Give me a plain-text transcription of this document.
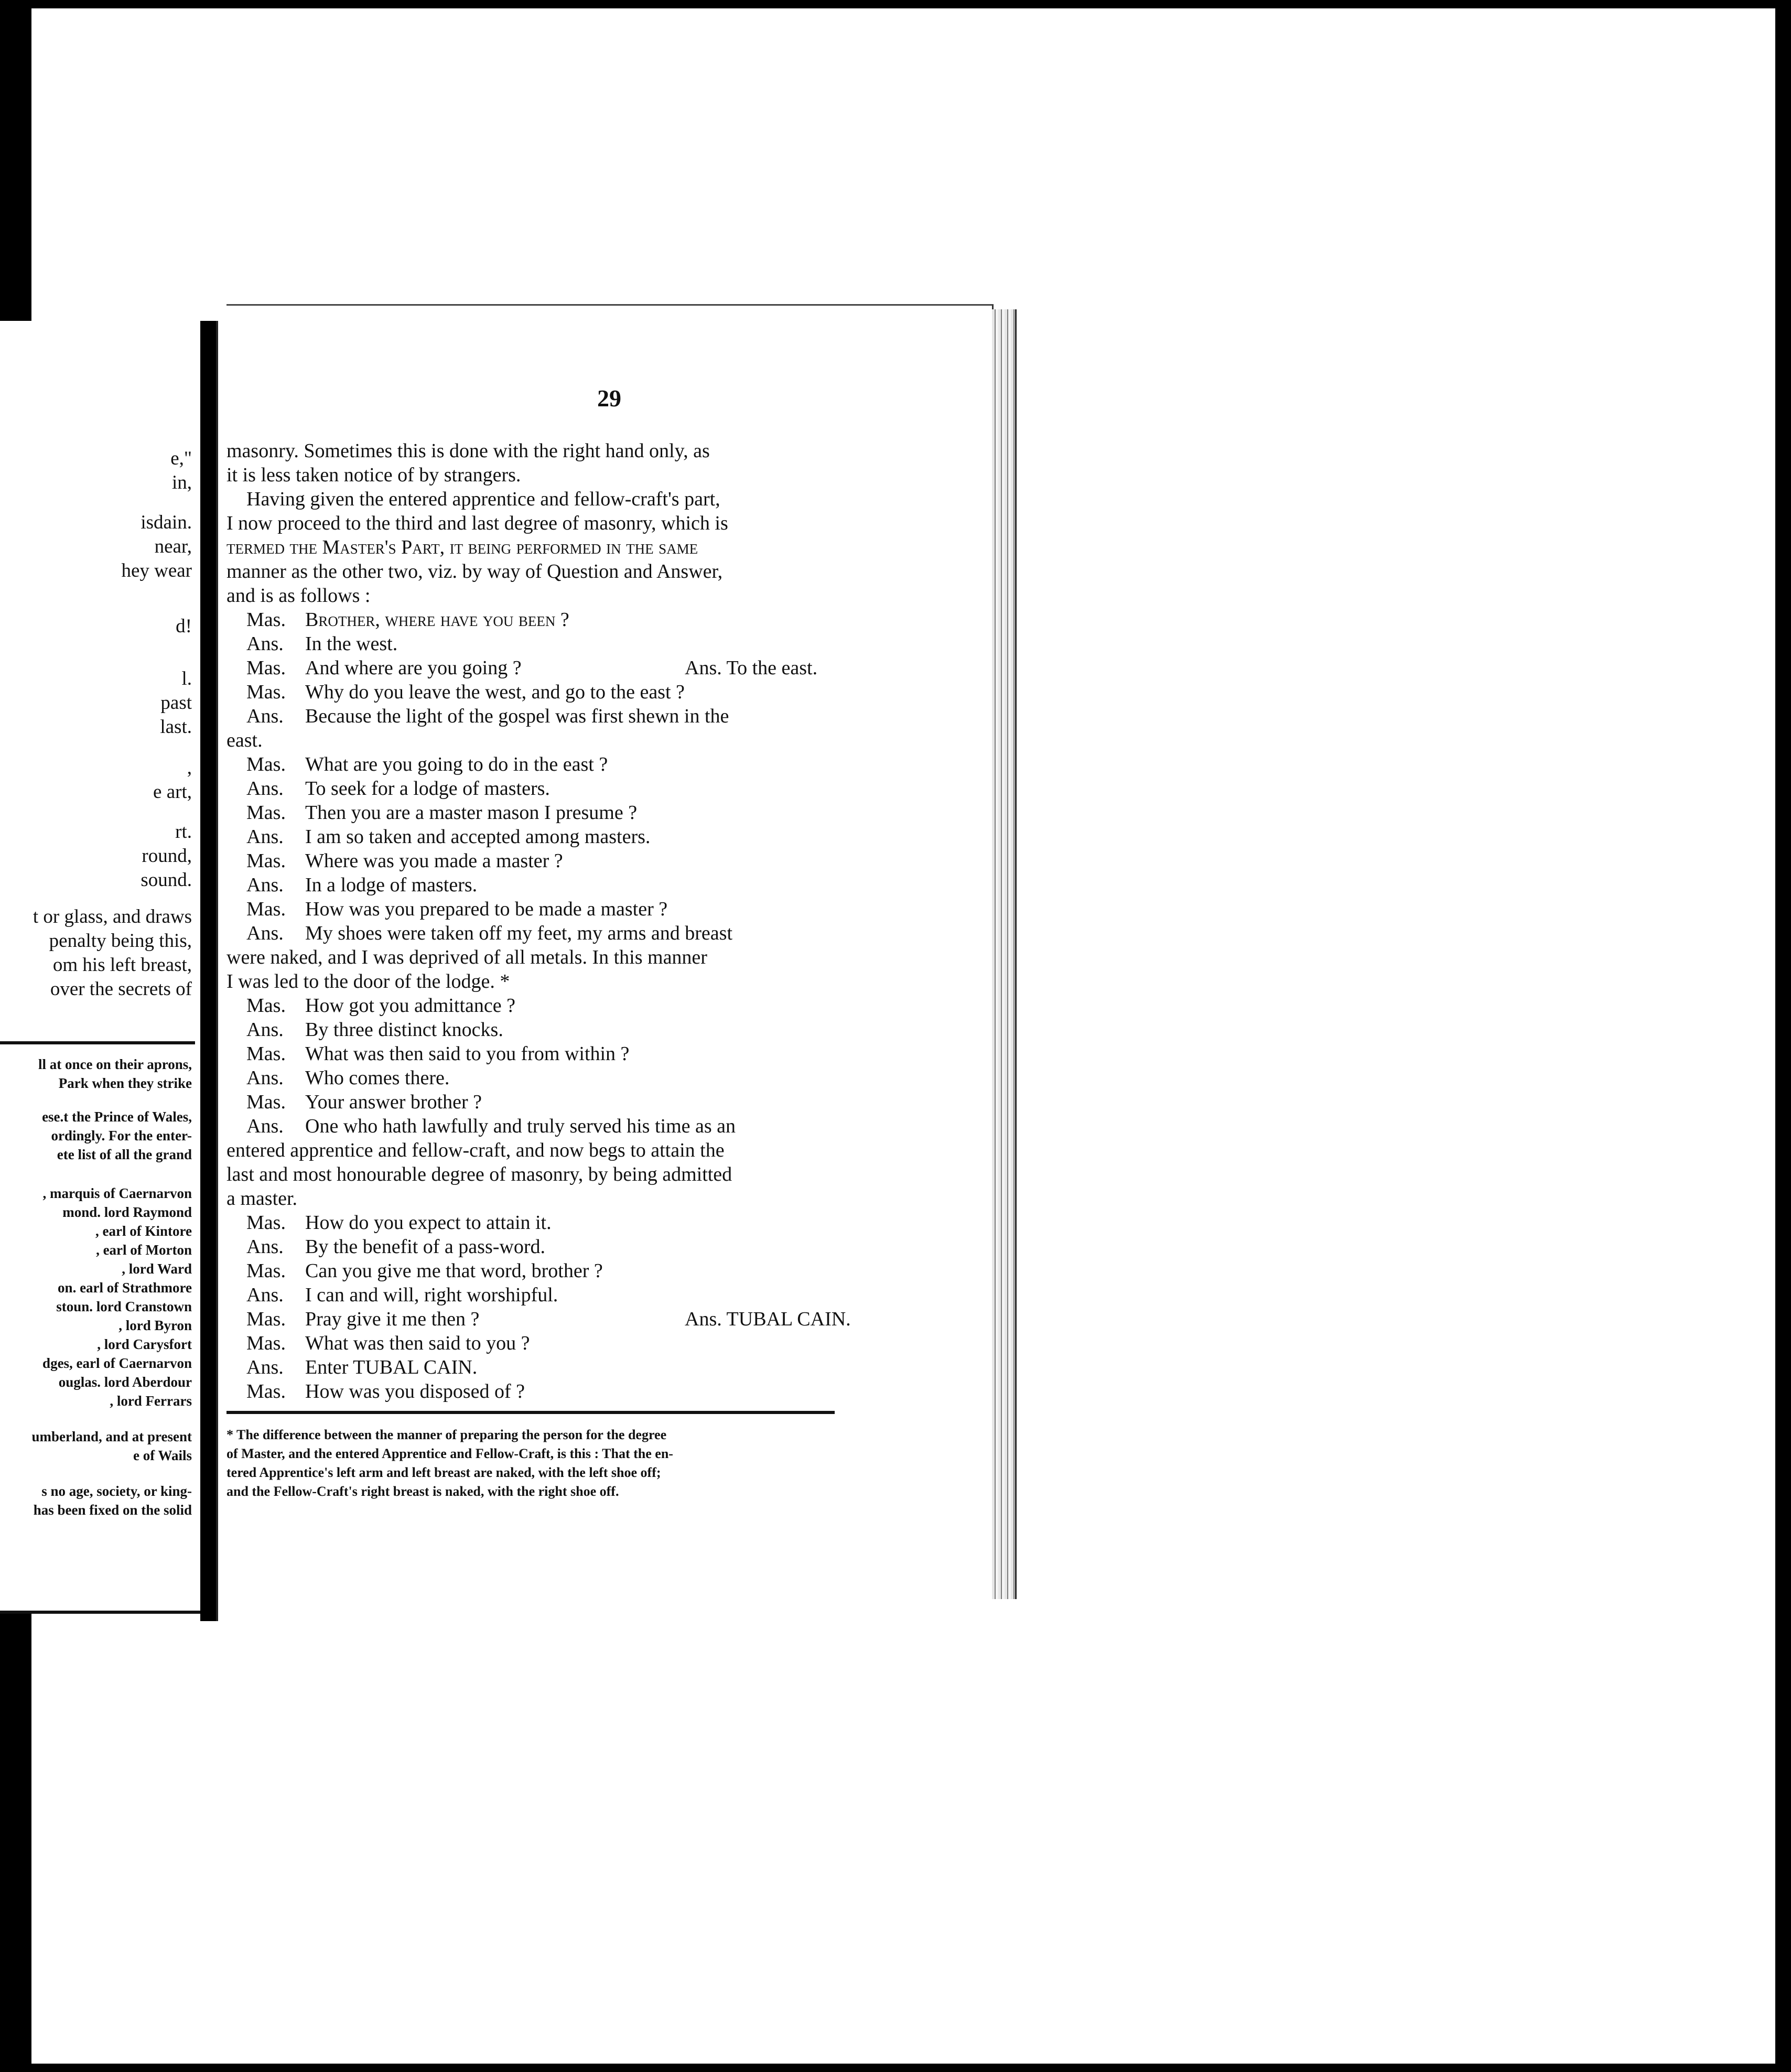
e,"
in,
isdain.
near,
hey wear
d!
l.
past
last.
,
e art,
rt.
round,
sound.
t or glass, and draws
penalty being this,
om his left breast,
over the secrets of
ll at once on their aprons,
Park when they strike
ese.t the Prince of Wales,
ordingly. For the enter-
ete list of all the grand
, marquis of Caernarvon
mond. lord Raymond
, earl of Kintore
, earl of Morton
, lord Ward
on. earl of Strathmore
stoun. lord Cranstown
, lord Byron
, lord Carysfort
dges, earl of Caernarvon
ouglas. lord Aberdour
, lord Ferrars
umberland, and at present
e of Wails
s no age, society, or king-
has been fixed on the solid
29
masonry. Sometimes this is done with the right hand only, as
it is less taken notice of by strangers.
Having given the entered apprentice and fellow-craft's part,
I now proceed to the third and last degree of masonry, which is
termed the Master's Part, it being performed in the same
manner as the other two, viz. by way of Question and Answer,
and is as follows :
Mas. Brother, where have you been ?
Ans. In the west.
Mas. And where are you going ?	Ans. To the east.
Mas. Why do you leave the west, and go to the east ?
Ans. Because the light of the gospel was first shewn in the
east.
Mas. What are you going to do in the east ?
Ans. To seek for a lodge of masters.
Mas. Then you are a master mason I presume ?
Ans. I am so taken and accepted among masters.
Mas. Where was you made a master ?
Ans. In a lodge of masters.
Mas. How was you prepared to be made a master ?
Ans. My shoes were taken off my feet, my arms and breast
were naked, and I was deprived of all metals. In this manner
I was led to the door of the lodge. *
Mas. How got you admittance ?
Ans. By three distinct knocks.
Mas. What was then said to you from within ?
Ans. Who comes there.
Mas. Your answer brother ?
Ans. One who hath lawfully and truly served his time as an
entered apprentice and fellow-craft, and now begs to attain the
last and most honourable degree of masonry, by being admitted
a master.
Mas. How do you expect to attain it.
Ans. By the benefit of a pass-word.
Mas. Can you give me that word, brother ?
Ans. I can and will, right worshipful.
Mas. Pray give it me then ?	Ans. TUBAL CAIN.
Mas. What was then said to you ?
Ans. Enter TUBAL CAIN.
Mas. How was you disposed of ?
* The difference between the manner of preparing the person for the degree
of Master, and the entered Apprentice and Fellow-Craft, is this : That the en-
tered Apprentice's left arm and left breast are naked, with the left shoe off;
and the Fellow-Craft's right breast is naked, with the right shoe off.
